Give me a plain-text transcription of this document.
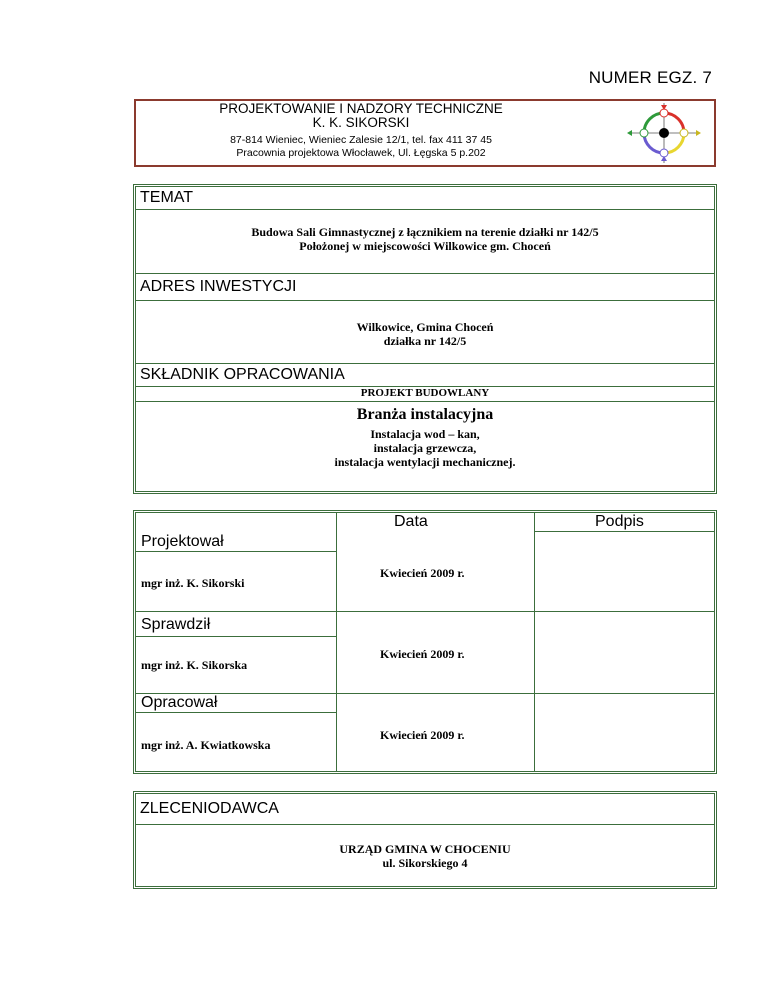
NUMER EGZ. 7
PROJEKTOWANIE I NADZORY TECHNICZNE
K. K. SIKORSKI
87-814 Wieniec, Wieniec Zalesie 12/1, tel. fax 411 37 45
Pracownia projektowa Włocławek, Ul. Łęgska 5 p.202
TEMAT
Budowa Sali Gimnastycznej z łącznikiem na terenie działki nr 142/5
Położonej w miejscowości Wilkowice gm. Choceń
ADRES INWESTYCJI
Wilkowice, Gmina Choceń
działka nr 142/5
SKŁADNIK OPRACOWANIA
PROJEKT BUDOWLANY
Branża instalacyjna
Instalacja wod – kan,
instalacja grzewcza,
instalacja wentylacji mechanicznej.
Data	Podpis
Projektował
mgr inż. K. Sikorski
Kwiecień 2009 r.
Sprawdził
mgr inż. K. Sikorska
Kwiecień 2009 r.
Opracował
mgr inż. A. Kwiatkowska
Kwiecień 2009 r.
ZLECENIODAWCA
URZĄD GMINA W CHOCENIU
ul. Sikorskiego 4
